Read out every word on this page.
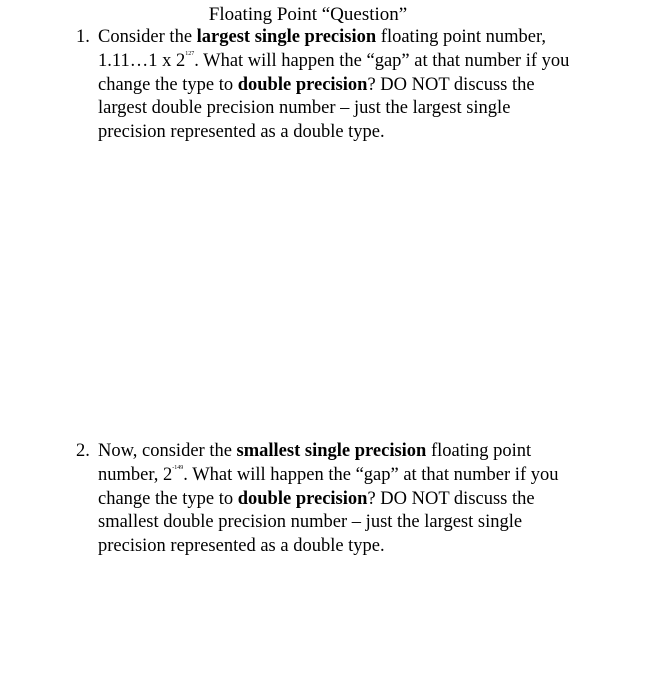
Floating Point “Question”
1. Consider the largest single precision floating point number, 1.11…1 x $2^{127}$. What will happen the “gap” at that number if you change the type to double precision? DO NOT discuss the largest double precision number – just the largest single precision represented as a double type.
2. Now, consider the smallest single precision floating point number, $2^{-149}$. What will happen the “gap” at that number if you change the type to double precision? DO NOT discuss the smallest double precision number – just the largest single precision represented as a double type.
